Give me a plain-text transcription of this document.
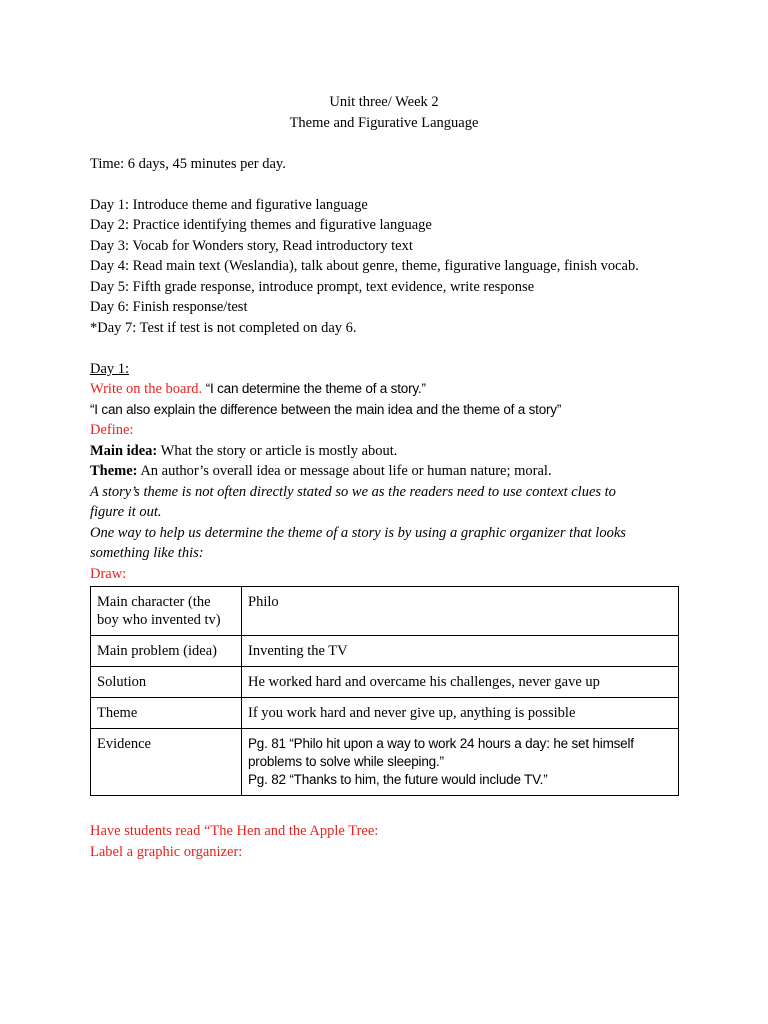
Unit three/ Week 2
Theme and Figurative Language
Time: 6 days, 45 minutes per day.
Day 1: Introduce theme and figurative language
Day 2: Practice identifying themes and figurative language
Day 3: Vocab for Wonders story, Read introductory text
Day 4: Read main text (Weslandia), talk about genre, theme, figurative language, finish vocab.
Day 5: Fifth grade response, introduce prompt, text evidence, write response
Day 6: Finish response/test
*Day 7: Test if test is not completed on day 6.
Day 1:
Write on the board. “I can determine the theme of a story.”
“I can also explain the difference between the main idea and the theme of a story”
Define:
Main idea: What the story or article is mostly about.
Theme: An author’s overall idea or message about life or human nature; moral.
A story’s theme is not often directly stated so we as the readers need to use context clues to
figure it out.
One way to help us determine the theme of a story is by using a graphic organizer that looks
something like this:
Draw:
Main character (the boy who invented tv)	Philo
Main problem (idea)	Inventing the TV
Solution	He worked hard and overcame his challenges, never gave up
Theme	If you work hard and never give up, anything is possible
Evidence	Pg. 81 “Philo hit upon a way to work 24 hours a day: he set himself problems to solve while sleeping.”
Pg. 82 “Thanks to him, the future would include TV.”
Have students read “The Hen and the Apple Tree:
Label a graphic organizer:
